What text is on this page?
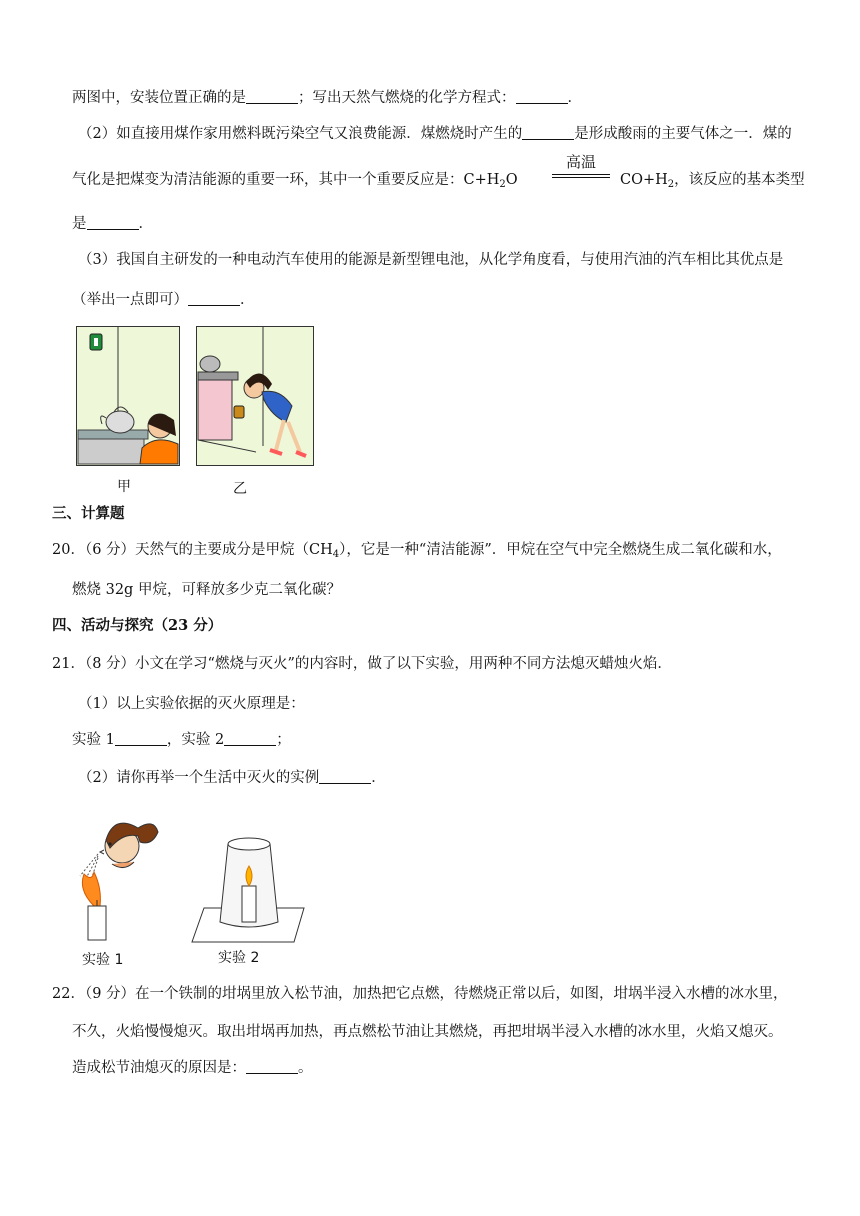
两图中，安装位置正确的是	；写出天然气燃烧的化学方程式：	．
（2）如直接用煤作家用燃料既污染空气又浪费能源．煤燃烧时产生的	是形成酸雨的主要气体之一．煤的
气化是把煤变为清洁能源的重要一环，其中一个重要反应是：$C+H_2O$
高温
$CO+H_2$，该反应的基本类型
是	．
（3）我国自主研发的一种电动汽车使用的能源是新型锂电池，从化学角度看，与使用汽油的汽车相比其优点是
（举出一点即可）	．
甲	乙
三、计算题
20．（6 分）天然气的主要成分是甲烷$(CH_4)$，它是一种“清洁能源”．甲烷在空气中完全燃烧生成二氧化碳和水，
燃烧 32g 甲烷，可释放多少克二氧化碳？
四、活动与探究（23 分）
21．（8 分）小文在学习“燃烧与灭火”的内容时，做了以下实验，用两种不同方法熄灭蜡烛火焰．
（1）以上实验依据的灭火原理是：
实验 1	，实验 2	；
（2）请你再举一个生活中灭火的实例	．
实验 1	实验 2
22．（9 分）在一个铁制的坩埚里放入松节油，加热把它点燃，待燃烧正常以后，如图，坩埚半浸入水槽的冰水里，
不久，火焰慢慢熄灭。取出坩埚再加热，再点燃松节油让其燃烧，再把坩埚半浸入水槽的冰水里，火焰又熄灭。
造成松节油熄灭的原因是：	。
